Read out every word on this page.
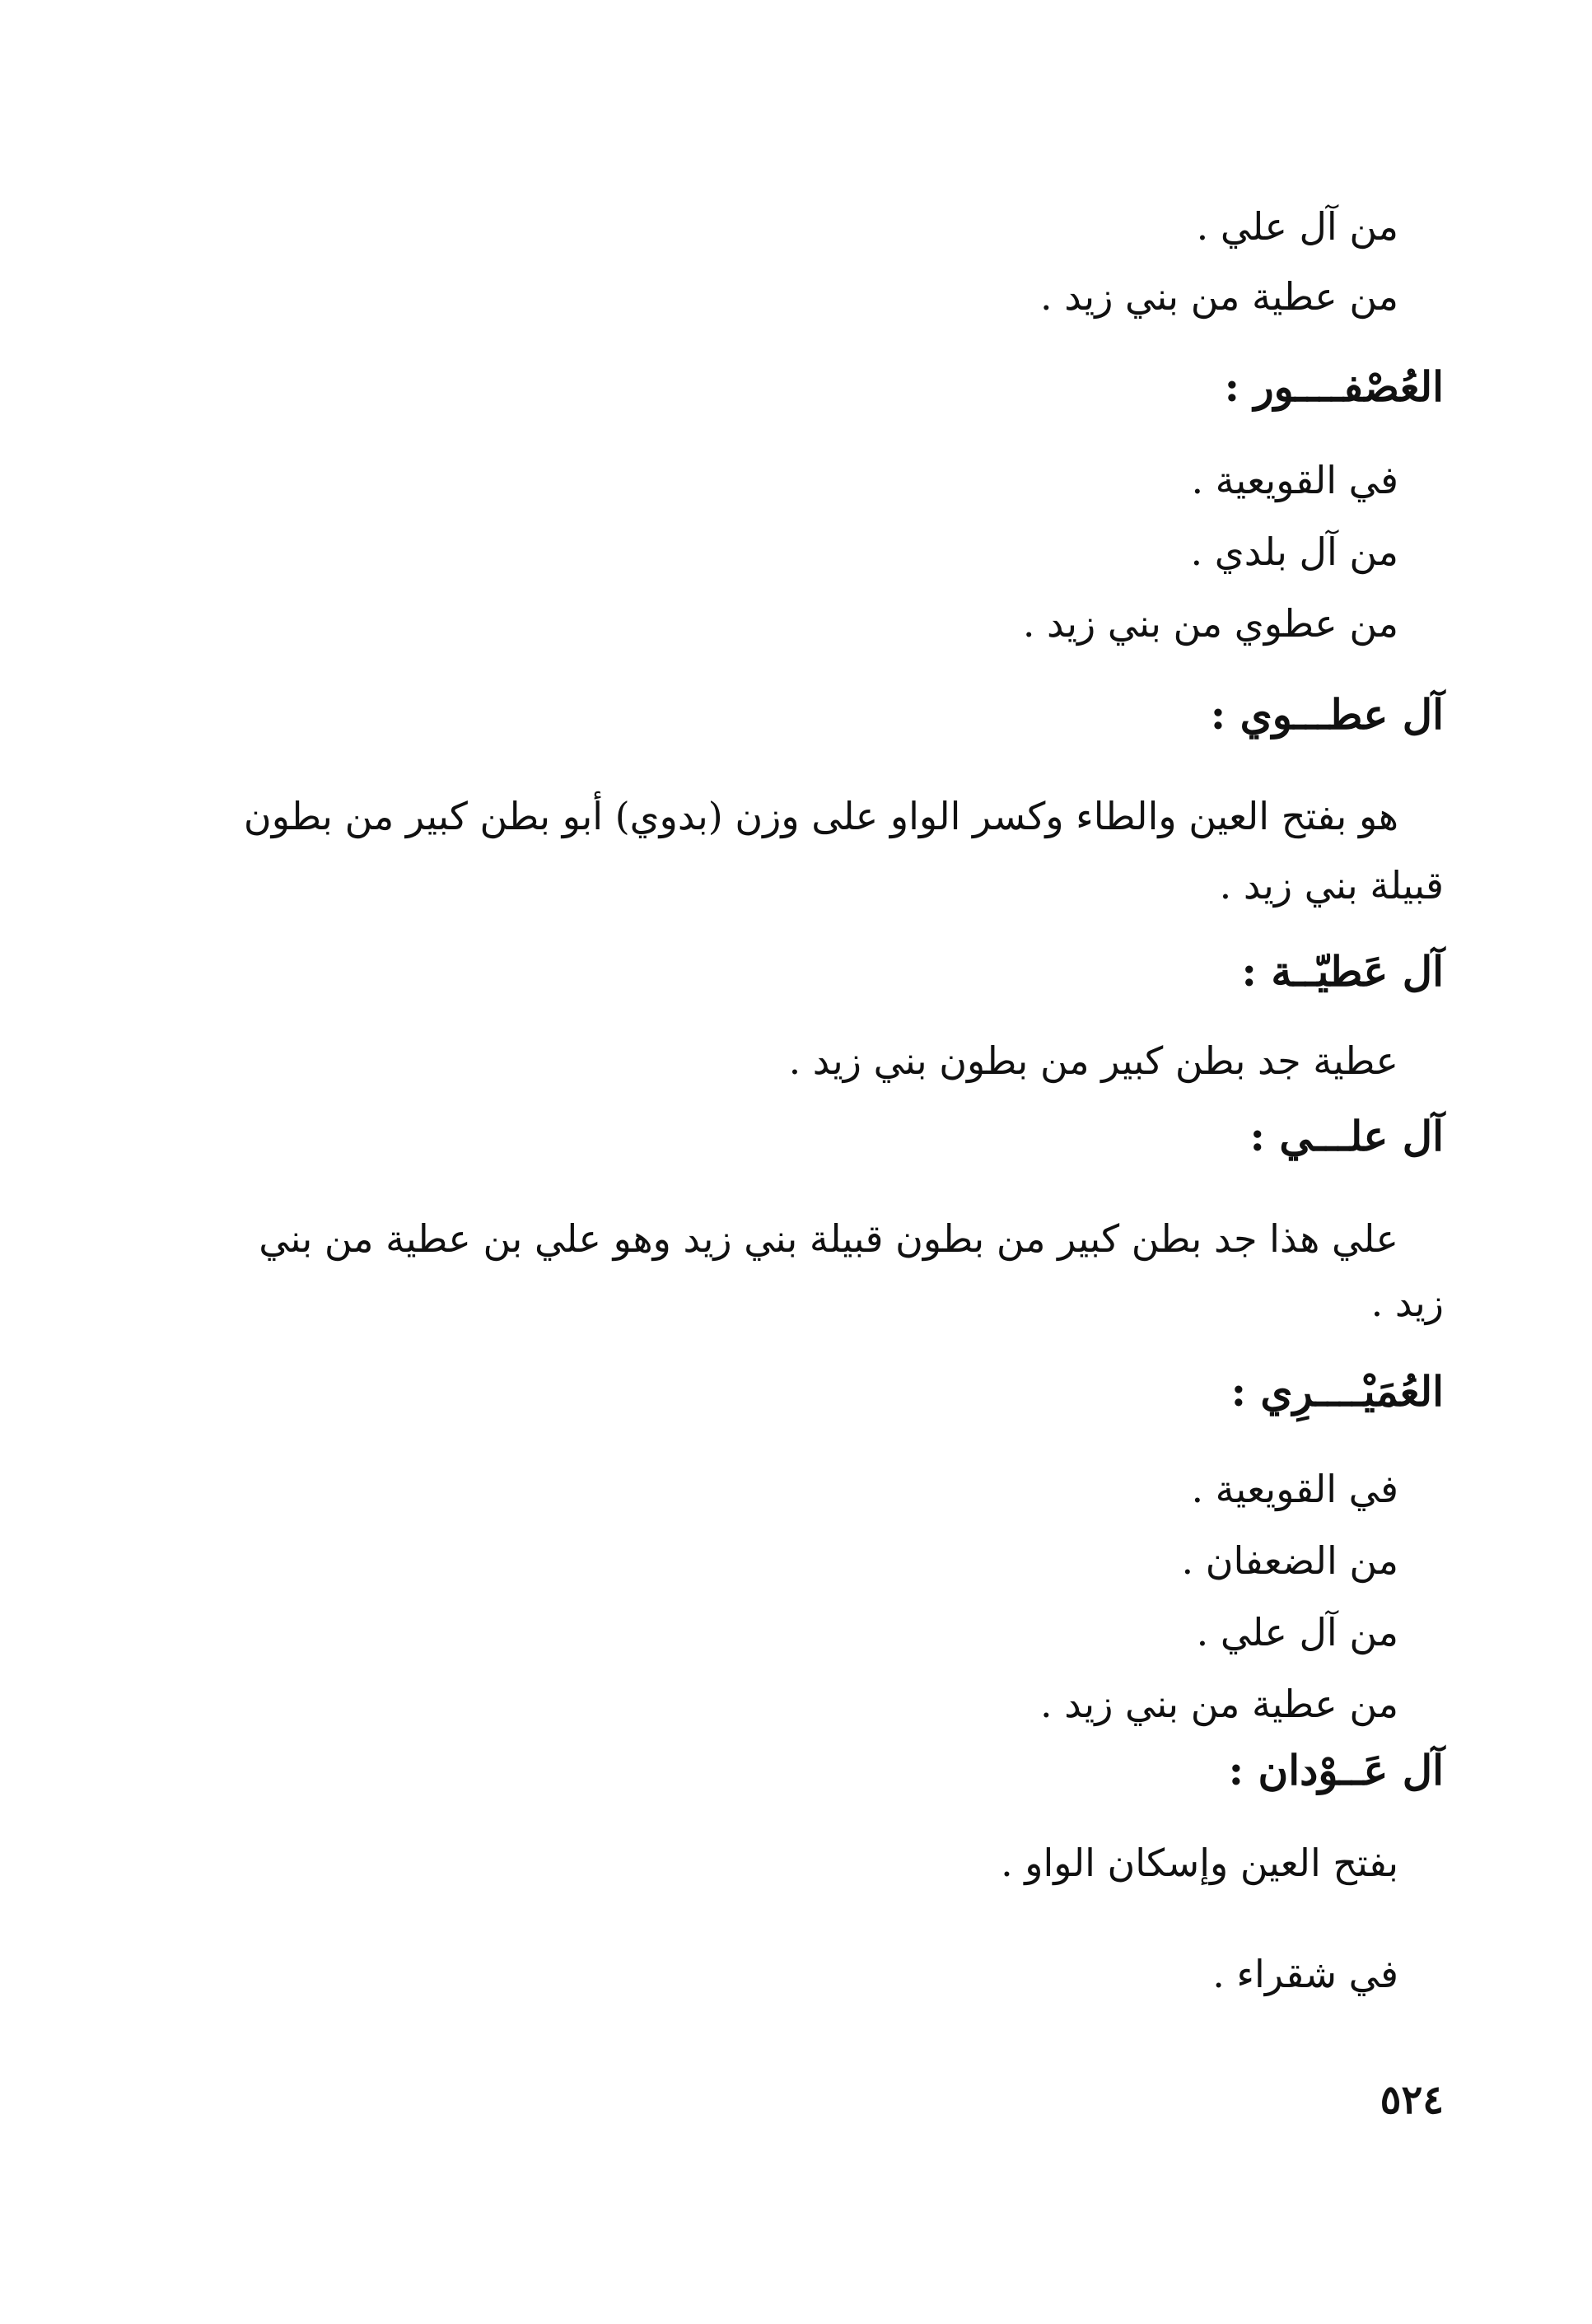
من آل علي .
من عطية من بني زيد .
العُصْفــــور :
في القويعية .
من آل بلدي .
من عطوي من بني زيد .
آل عطـــوي :
هو بفتح العين والطاء وكسر الواو على وزن (بدوي) أبو بطن كبير من بطون
قبيلة بني زيد .
آل عَطيّــة :
عطية جد بطن كبير من بطون بني زيد .
آل علـــي :
علي هذا جد بطن كبير من بطون قبيلة بني زيد وهو علي بن عطية من بني
زيد .
العُمَيْــــرِي :
في القويعية .
من الضعفان .
من آل علي .
من عطية من بني زيد .
آل عَــوْدان :
بفتح العين وإسكان الواو .
في شقراء .
٥٢٤
